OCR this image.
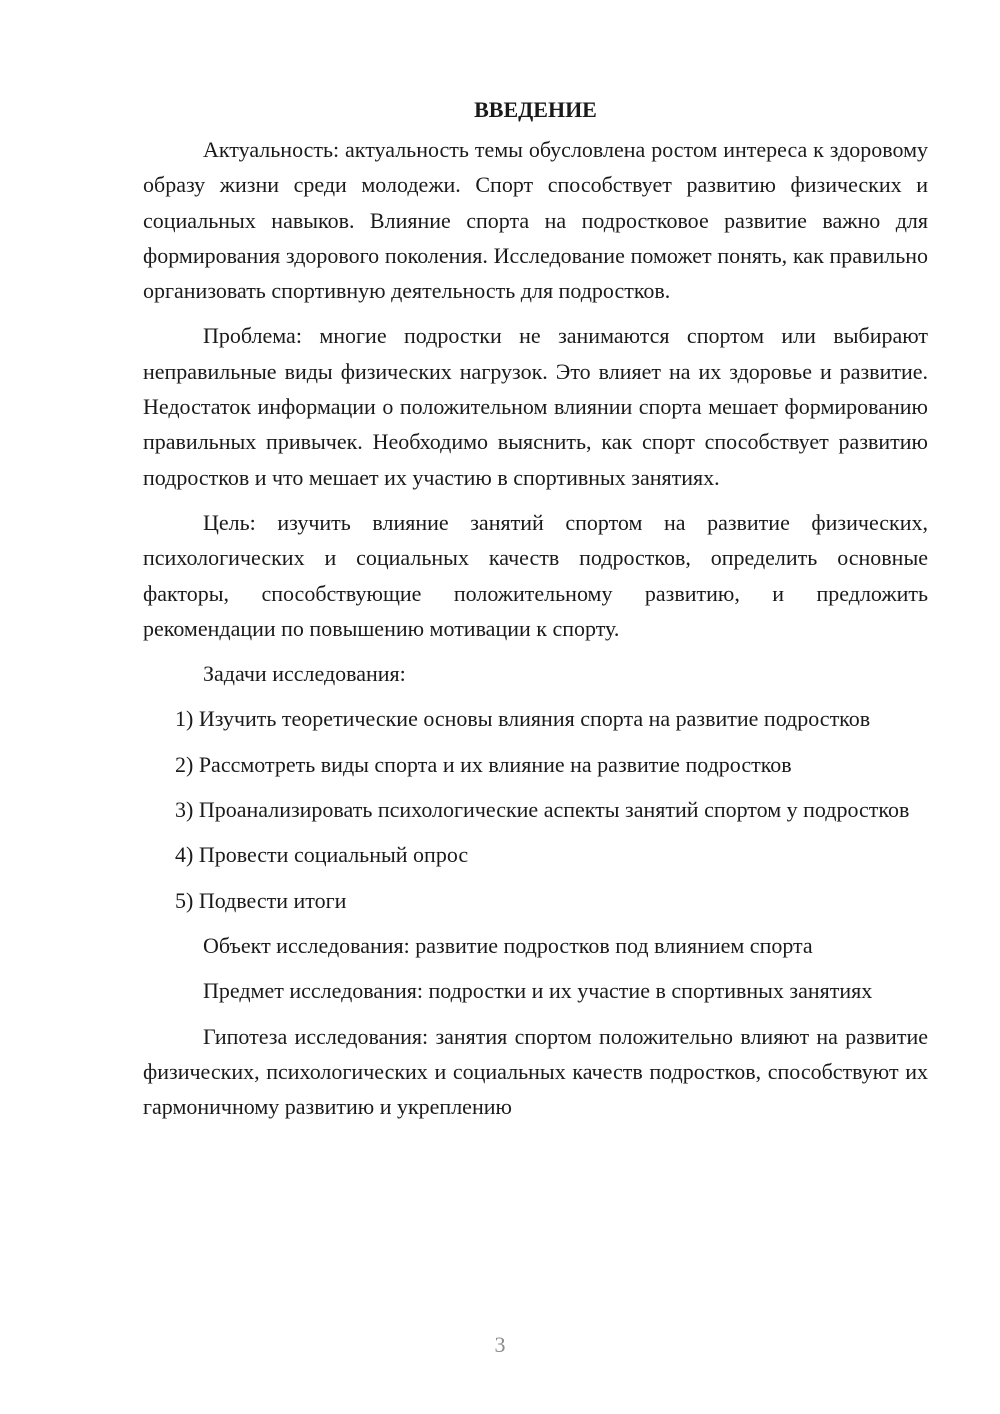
ВВЕДЕНИЕ

Актуальность: актуальность темы обусловлена ростом интереса к здоровому образу жизни среди молодежи. Спорт способствует развитию физических и социальных навыков. Влияние спорта на подростковое развитие важно для формирования здорового поколения. Исследование поможет понять, как правильно организовать спортивную деятельность для подростков.

Проблема: многие подростки не занимаются спортом или выбирают неправильные виды физических нагрузок. Это влияет на их здоровье и развитие. Недостаток информации о положительном влиянии спорта мешает формированию правильных привычек. Необходимо выяснить, как спорт способствует развитию подростков и что мешает их участию в спортивных занятиях.

Цель: изучить влияние занятий спортом на развитие физических, психологических и социальных качеств подростков, определить основные факторы, способствующие положительному развитию, и предложить рекомендации по повышению мотивации к спорту.

Задачи исследования:

1) Изучить теоретические основы влияния спорта на развитие подростков

2) Рассмотреть виды спорта и их влияние на развитие подростков

3) Проанализировать психологические аспекты занятий спортом у подростков

4) Провести социальный опрос

5) Подвести итоги

Объект исследования: развитие подростков под влиянием спорта

Предмет исследования: подростки и их участие в спортивных занятиях

Гипотеза исследования: занятия спортом положительно влияют на развитие физических, психологических и социальных качеств подростков, способствуют их гармоничному развитию и укреплению

3
